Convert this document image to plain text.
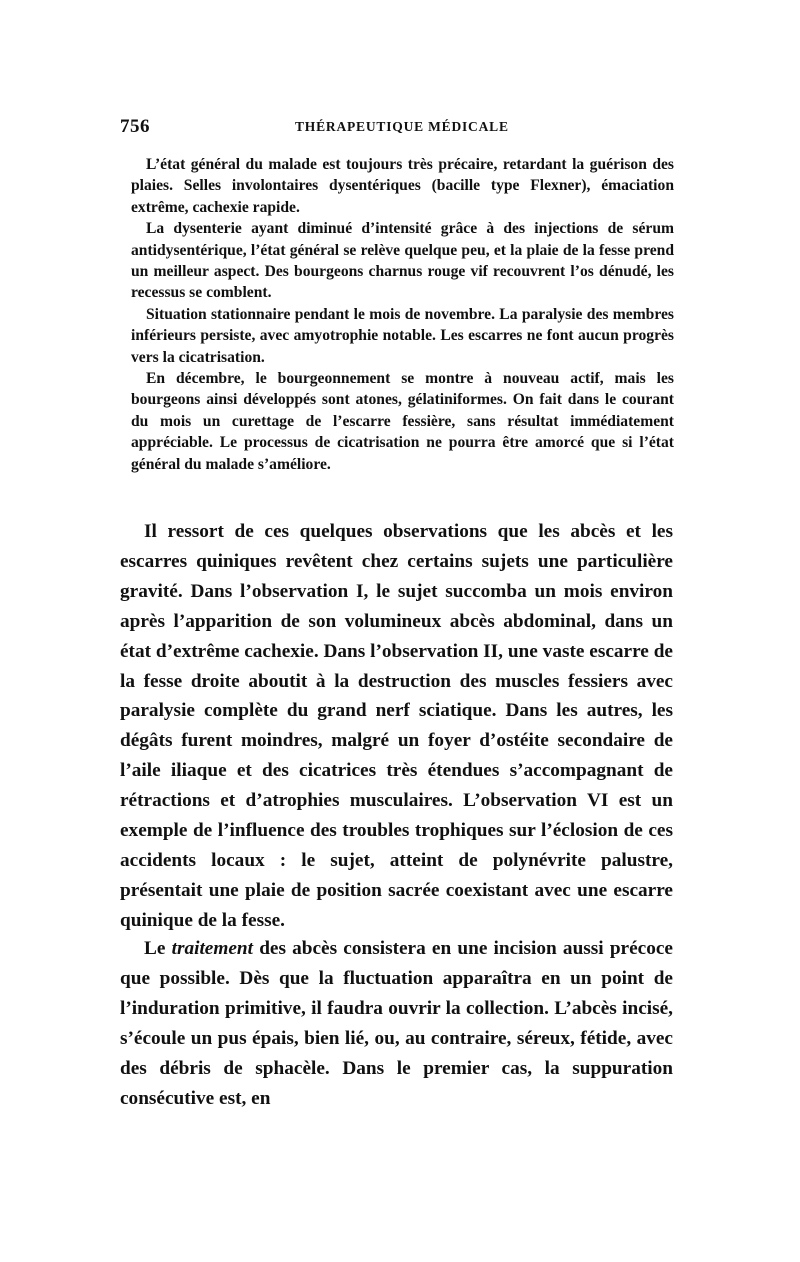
756	THÉRAPEUTIQUE MÉDICALE

L’état général du malade est toujours très précaire, retardant la guérison des plaies. Selles involontaires dysentériques (bacille type Flexner), émaciation extrême, cachexie rapide.

La dysenterie ayant diminué d’intensité grâce à des injections de sérum antidysentérique, l’état général se relève quelque peu, et la plaie de la fesse prend un meilleur aspect. Des bourgeons charnus rouge vif recouvrent l’os dénudé, les recessus se comblent.

Situation stationnaire pendant le mois de novembre. La paralysie des membres inférieurs persiste, avec amyotrophie notable. Les escarres ne font aucun progrès vers la cicatrisation.

En décembre, le bourgeonnement se montre à nouveau actif, mais les bourgeons ainsi développés sont atones, gélatiniformes. On fait dans le courant du mois un curettage de l’escarre fessière, sans résultat immédiatement appréciable. Le processus de cicatrisation ne pourra être amorcé que si l’état général du malade s’améliore.

Il ressort de ces quelques observations que les abcès et les escarres quiniques revêtent chez certains sujets une particulière gravité. Dans l’observation I, le sujet succomba un mois environ après l’apparition de son volumineux abcès abdominal, dans un état d’extrême cachexie. Dans l’observation II, une vaste escarre de la fesse droite aboutit à la destruction des muscles fessiers avec paralysie complète du grand nerf sciatique. Dans les autres, les dégâts furent moindres, malgré un foyer d’ostéite secondaire de l’aile iliaque et des cicatrices très étendues s’accompagnant de rétractions et d’atrophies musculaires. L’observation VI est un exemple de l’influence des troubles trophiques sur l’éclosion de ces accidents locaux : le sujet, atteint de polynévrite palustre, présentait une plaie de position sacrée coexistant avec une escarre quinique de la fesse.

Le traitement des abcès consistera en une incision aussi précoce que possible. Dès que la fluctuation apparaîtra en un point de l’induration primitive, il faudra ouvrir la collection. L’abcès incisé, s’écoule un pus épais, bien lié, ou, au contraire, séreux, fétide, avec des débris de sphacèle. Dans le premier cas, la suppuration consécutive est, en
